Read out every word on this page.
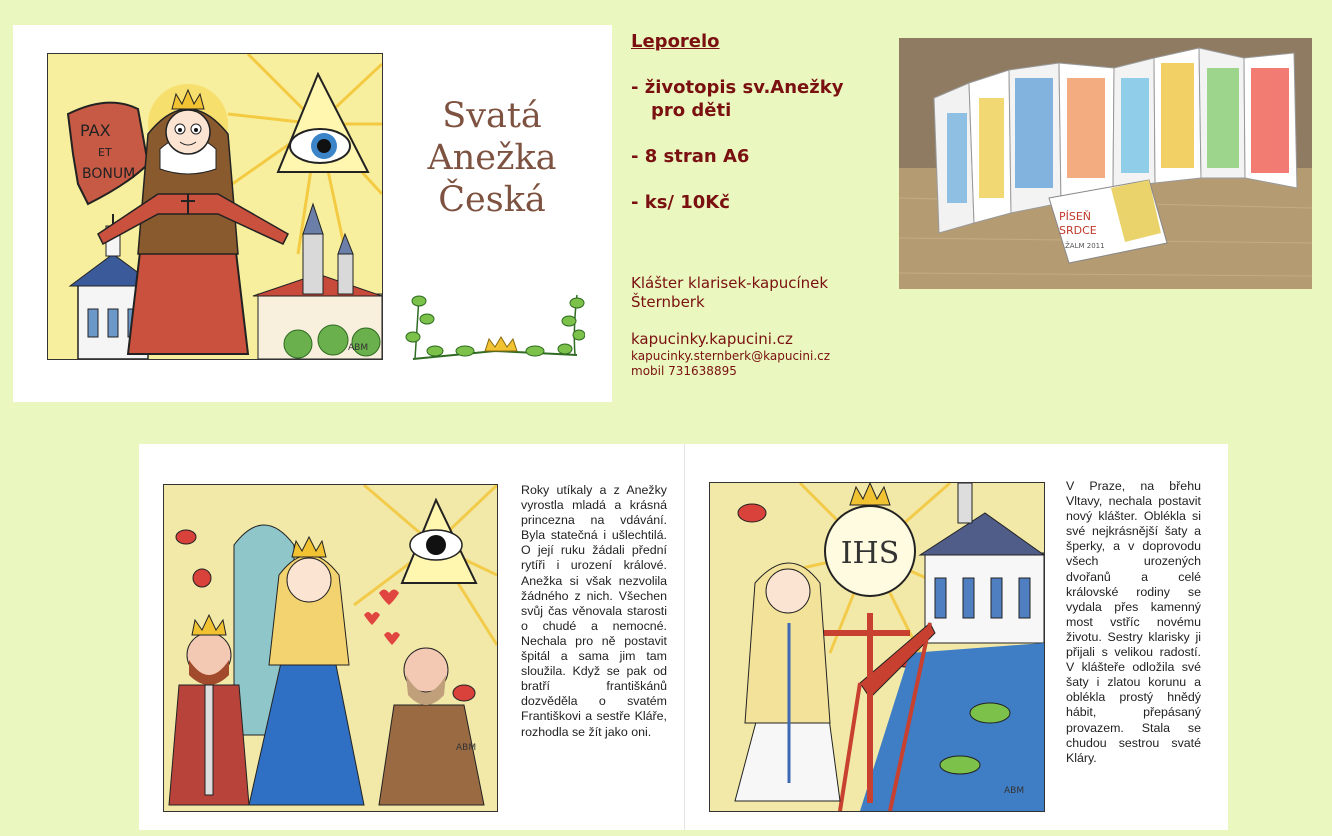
PAX
ET
BONUM
ABM
Svatá
Anežka
Česká

Leporelo

- životopis sv.Anežky

pro děti

- 8 stran A6

- ks/ 10Kč

Klášter klarisek-kapucínek

Šternberk

kapucinky.kapucini.cz

kapucinky.sternberk@kapucini.cz

mobil 731638895

PÍSEŇ
SRDCE
ŽALM 2011
ABM
Roky utíkaly a z Anežky vyrostla mladá a krásná princezna na vdávání. Byla statečná i ušlechtilá. O její ruku žádali přední rytíři i urození králové. Anežka si však nezvolila žádného z nich. Všechen svůj čas věnovala starosti o chudé a nemocné. Nechala pro ně postavit špitál a sama jim tam sloužila. Když se pak od bratří františkánů dozvěděla o svatém Františkovi a sestře Kláře, rozhodla se žít jako oni.
IHS
ABM
V Praze, na břehu Vltavy, nechala postavit nový klášter. Oblékla si své nejkrásnější šaty a šperky, a v doprovodu všech urozených dvořanů a celé královské rodiny se vydala přes kamenný most vstříc novému životu. Sestry klarisky ji přijali s velikou radostí. V klášteře odložila své šaty i zlatou korunu a oblékla prostý hnědý hábit, přepásaný provazem. Stala se chudou sestrou svaté Kláry.
